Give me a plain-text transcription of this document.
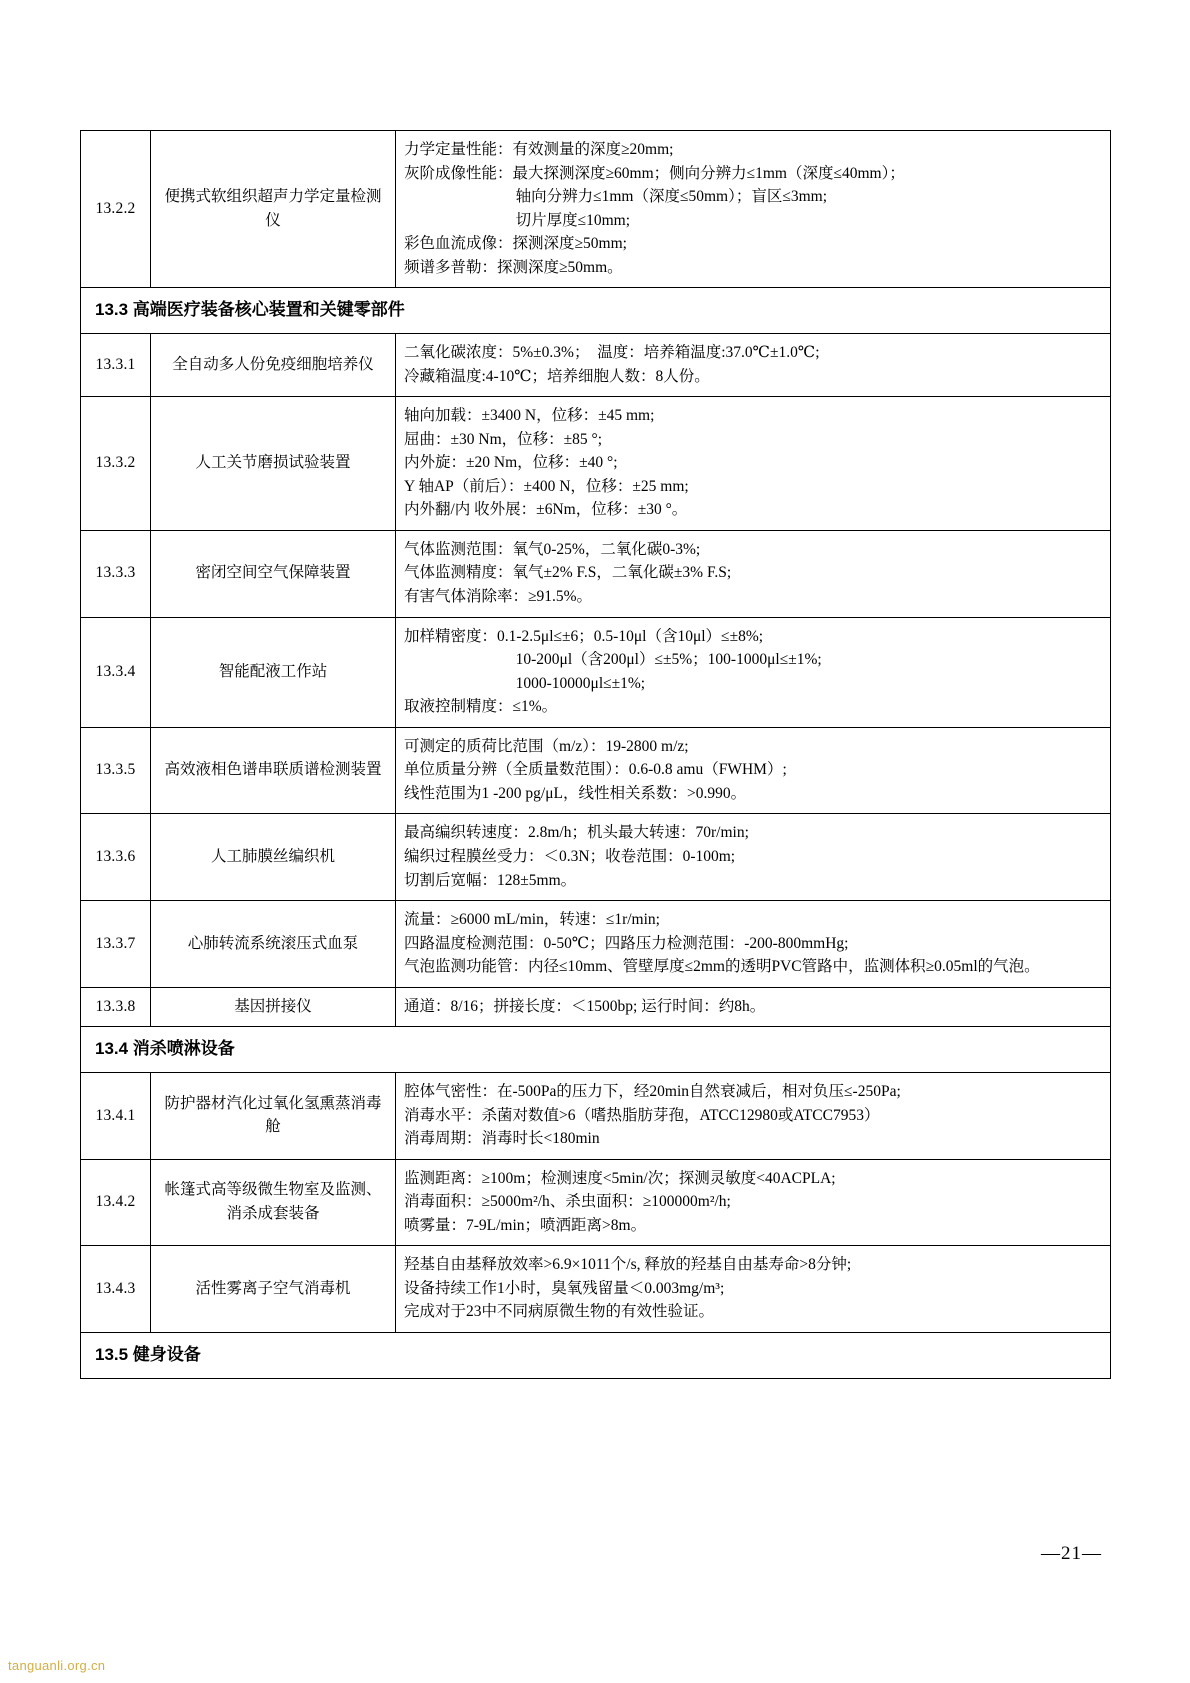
13.2.2	便携式软组织超声力学定量检测仪	
力学定量性能：有效测量的深度≥20mm;
灰阶成像性能：最大探测深度≥60mm；侧向分辨力≤1mm（深度≤40mm）；
轴向分辨力≤1mm（深度≤50mm）；盲区≤3mm;
切片厚度≤10mm;
彩色血流成像：探测深度≥50mm;
频谱多普勒：探测深度≥50mm。

13.3 高端医疗装备核心装置和关键零部件		
13.3.1	全自动多人份免疫细胞培养仪	二氧化碳浓度：5%±0.3%；　温度：培养箱温度:37.0℃±1.0℃;
冷藏箱温度:4-10℃；培养细胞人数：8人份。

13.3.2	人工关节磨损试验装置	轴向加载：±3400 N，位移：±45 mm;
屈曲：±30 Nm，位移：±85 °;
内外旋：±20 Nm，位移：±40 °;
Y 轴AP（前后）：±400 N，位移：±25 mm;
内外翻/内 收外展：±6Nm，位移：±30 °。

13.3.3	密闭空间空气保障装置	气体监测范围：氧气0-25%，二氧化碳0-3%;
气体监测精度：氧气±2% F.S，二氧化碳±3% F.S;
有害气体消除率：≥91.5%。

13.3.4	智能配液工作站	加样精密度：0.1-2.5μl≤±6；0.5-10μl（含10μl）≤±8%;
10-200μl（含200μl）≤±5%；100-1000μl≤±1%;
1000-10000μl≤±1%;
取液控制精度：≤1%。

13.3.5	高效液相色谱串联质谱检测装置	可测定的质荷比范围（m/z）：19-2800 m/z;
单位质量分辨（全质量数范围）：0.6-0.8 amu（FWHM）;
线性范围为1 -200 pg/μL，线性相关系数：>0.990。

13.3.6	人工肺膜丝编织机	最高编织转速度：2.8m/h；机头最大转速：70r/min;
编织过程膜丝受力：＜0.3N；收卷范围：0-100m;
切割后宽幅：128±5mm。

13.3.7	心肺转流系统滚压式血泵	流量：≥6000 mL/min，转速：≤1r/min;
四路温度检测范围：0-50℃；四路压力检测范围：-200-800mmHg;
气泡监测功能管：内径≤10mm、管壁厚度≤2mm的透明PVC管路中，监测体积≥0.05ml的气泡。

13.3.8	基因拼接仪	通道：8/16；拼接长度：＜1500bp; 运行时间：约8h。

13.4 消杀喷淋设备		
13.4.1	防护器材汽化过氧化氢熏蒸消毒舱	腔体气密性：在-500Pa的压力下，经20min自然衰减后，相对负压≤-250Pa;
消毒水平：杀菌对数值>6（嗜热脂肪芽孢，ATCC12980或ATCC7953）
消毒周期：消毒时长<180min

13.4.2	帐篷式高等级微生物室及监测、消杀成套装备	监测距离：≥100m；检测速度<5min/次；探测灵敏度<40ACPLA;
消毒面积：≥5000m²/h、杀虫面积：≥100000m²/h;
喷雾量：7-9L/min；喷洒距离>8m。

13.4.3	活性雾离子空气消毒机	羟基自由基释放效率>6.9×1011个/s, 释放的羟基自由基寿命>8分钟;
设备持续工作1小时，臭氧残留量＜0.003mg/m³;
完成对于23中不同病原微生物的有效性验证。

13.5 健身设备		
—21—
tanguanli.org.cn
